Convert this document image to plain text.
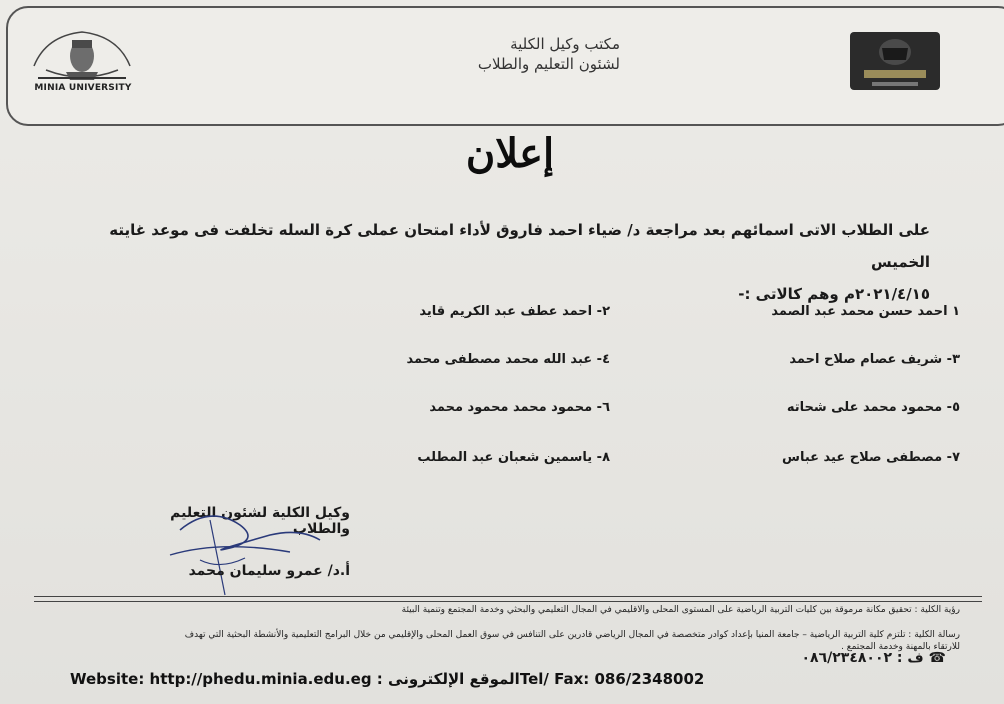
MINIA UNIVERSITY
مكتب وكيل الكلية
لشئون التعليم والطلاب
إعلان
على الطلاب الاتى اسمائهم بعد مراجعة د/ ضياء احمد فاروق لأداء امتحان عملى كرة السله تخلفت فى موعد غايته الخميس
٢٠٢١/٤/١٥م وهم كالاتى :-
١ احمد حسن محمد عبد الصمد
٢- احمد عطف عبد الكريم قايد
٣- شريف عصام صلاح احمد
٤- عبد الله محمد مصطفى محمد
٥- محمود محمد على شحاته
٦- محمود محمد محمود محمد
٧- مصطفى صلاح عيد عباس
٨- ياسمين شعبان عبد المطلب
وكيل الكلية لشئون التعليم والطلاب
أ.د/ عمرو سليمان محمد
رؤية الكلية : تحقيق مكانة مرموقة بين كليات التربية الرياضية على المستوى المحلى والاقليمي في المجال التعليمي والبحثي وخدمة المجتمع وتنمية البيئة
رسالة الكلية : تلتزم كلية التربية الرياضية – جامعة المنيا بإعداد كوادر متخصصة في المجال الرياضي قادرين على التنافس في سوق العمل المحلى والإقليمي من خلال البرامج التعليمية والأنشطة البحثية التي تهدف
للارتقاء بالمهنة وخدمة المجتمع .
☎ ف : ٠٨٦/٢٣٤٨٠٠٢
Website: http://phedu.minia.edu.eg : الموقع الإلكترونىTel/ Fax: 086/2348002
